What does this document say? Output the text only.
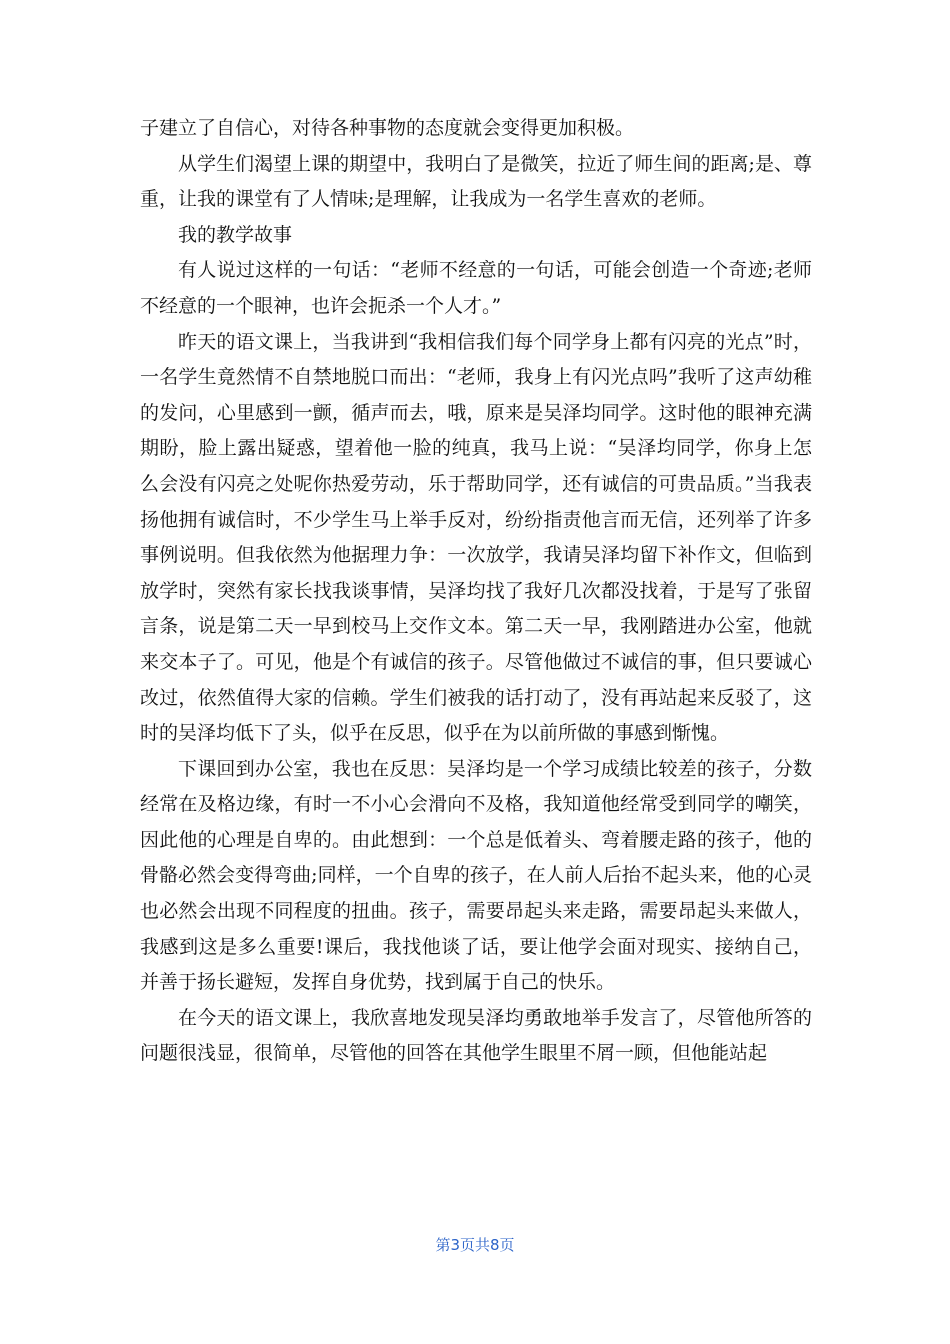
子建立了自信心，对待各种事物的态度就会变得更加积极。

从学生们渴望上课的期望中，我明白了是微笑，拉近了师生间的距离;是、尊重，让我的课堂有了人情味;是理解，让我成为一名学生喜欢的老师。

我的教学故事

有人说过这样的一句话：“老师不经意的一句话，可能会创造一个奇迹;老师不经意的一个眼神，也许会扼杀一个人才。”

昨天的语文课上，当我讲到“我相信我们每个同学身上都有闪亮的光点”时，一名学生竟然情不自禁地脱口而出：“老师，我身上有闪光点吗”我听了这声幼稚的发问，心里感到一颤，循声而去，哦，原来是吴泽均同学。这时他的眼神充满期盼，脸上露出疑惑，望着他一脸的纯真，我马上说：“吴泽均同学，你身上怎么会没有闪亮之处呢你热爱劳动，乐于帮助同学，还有诚信的可贵品质。”当我表扬他拥有诚信时，不少学生马上举手反对，纷纷指责他言而无信，还列举了许多事例说明。但我依然为他据理力争：一次放学，我请吴泽均留下补作文，但临到放学时，突然有家长找我谈事情，吴泽均找了我好几次都没找着，于是写了张留言条，说是第二天一早到校马上交作文本。第二天一早，我刚踏进办公室，他就来交本子了。可见，他是个有诚信的孩子。尽管他做过不诚信的事，但只要诚心改过，依然值得大家的信赖。学生们被我的话打动了，没有再站起来反驳了，这时的吴泽均低下了头，似乎在反思，似乎在为以前所做的事感到惭愧。

下课回到办公室，我也在反思：吴泽均是一个学习成绩比较差的孩子，分数经常在及格边缘，有时一不小心会滑向不及格，我知道他经常受到同学的嘲笑，因此他的心理是自卑的。由此想到：一个总是低着头、弯着腰走路的孩子，他的骨骼必然会变得弯曲;同样，一个自卑的孩子，在人前人后抬不起头来，他的心灵也必然会出现不同程度的扭曲。孩子，需要昂起头来走路，需要昂起头来做人，我感到这是多么重要!课后，我找他谈了话，要让他学会面对现实、接纳自己，并善于扬长避短，发挥自身优势，找到属于自己的快乐。

在今天的语文课上，我欣喜地发现吴泽均勇敢地举手发言了，尽管他所答的问题很浅显，很简单，尽管他的回答在其他学生眼里不屑一顾，但他能站起

第3页共8页
